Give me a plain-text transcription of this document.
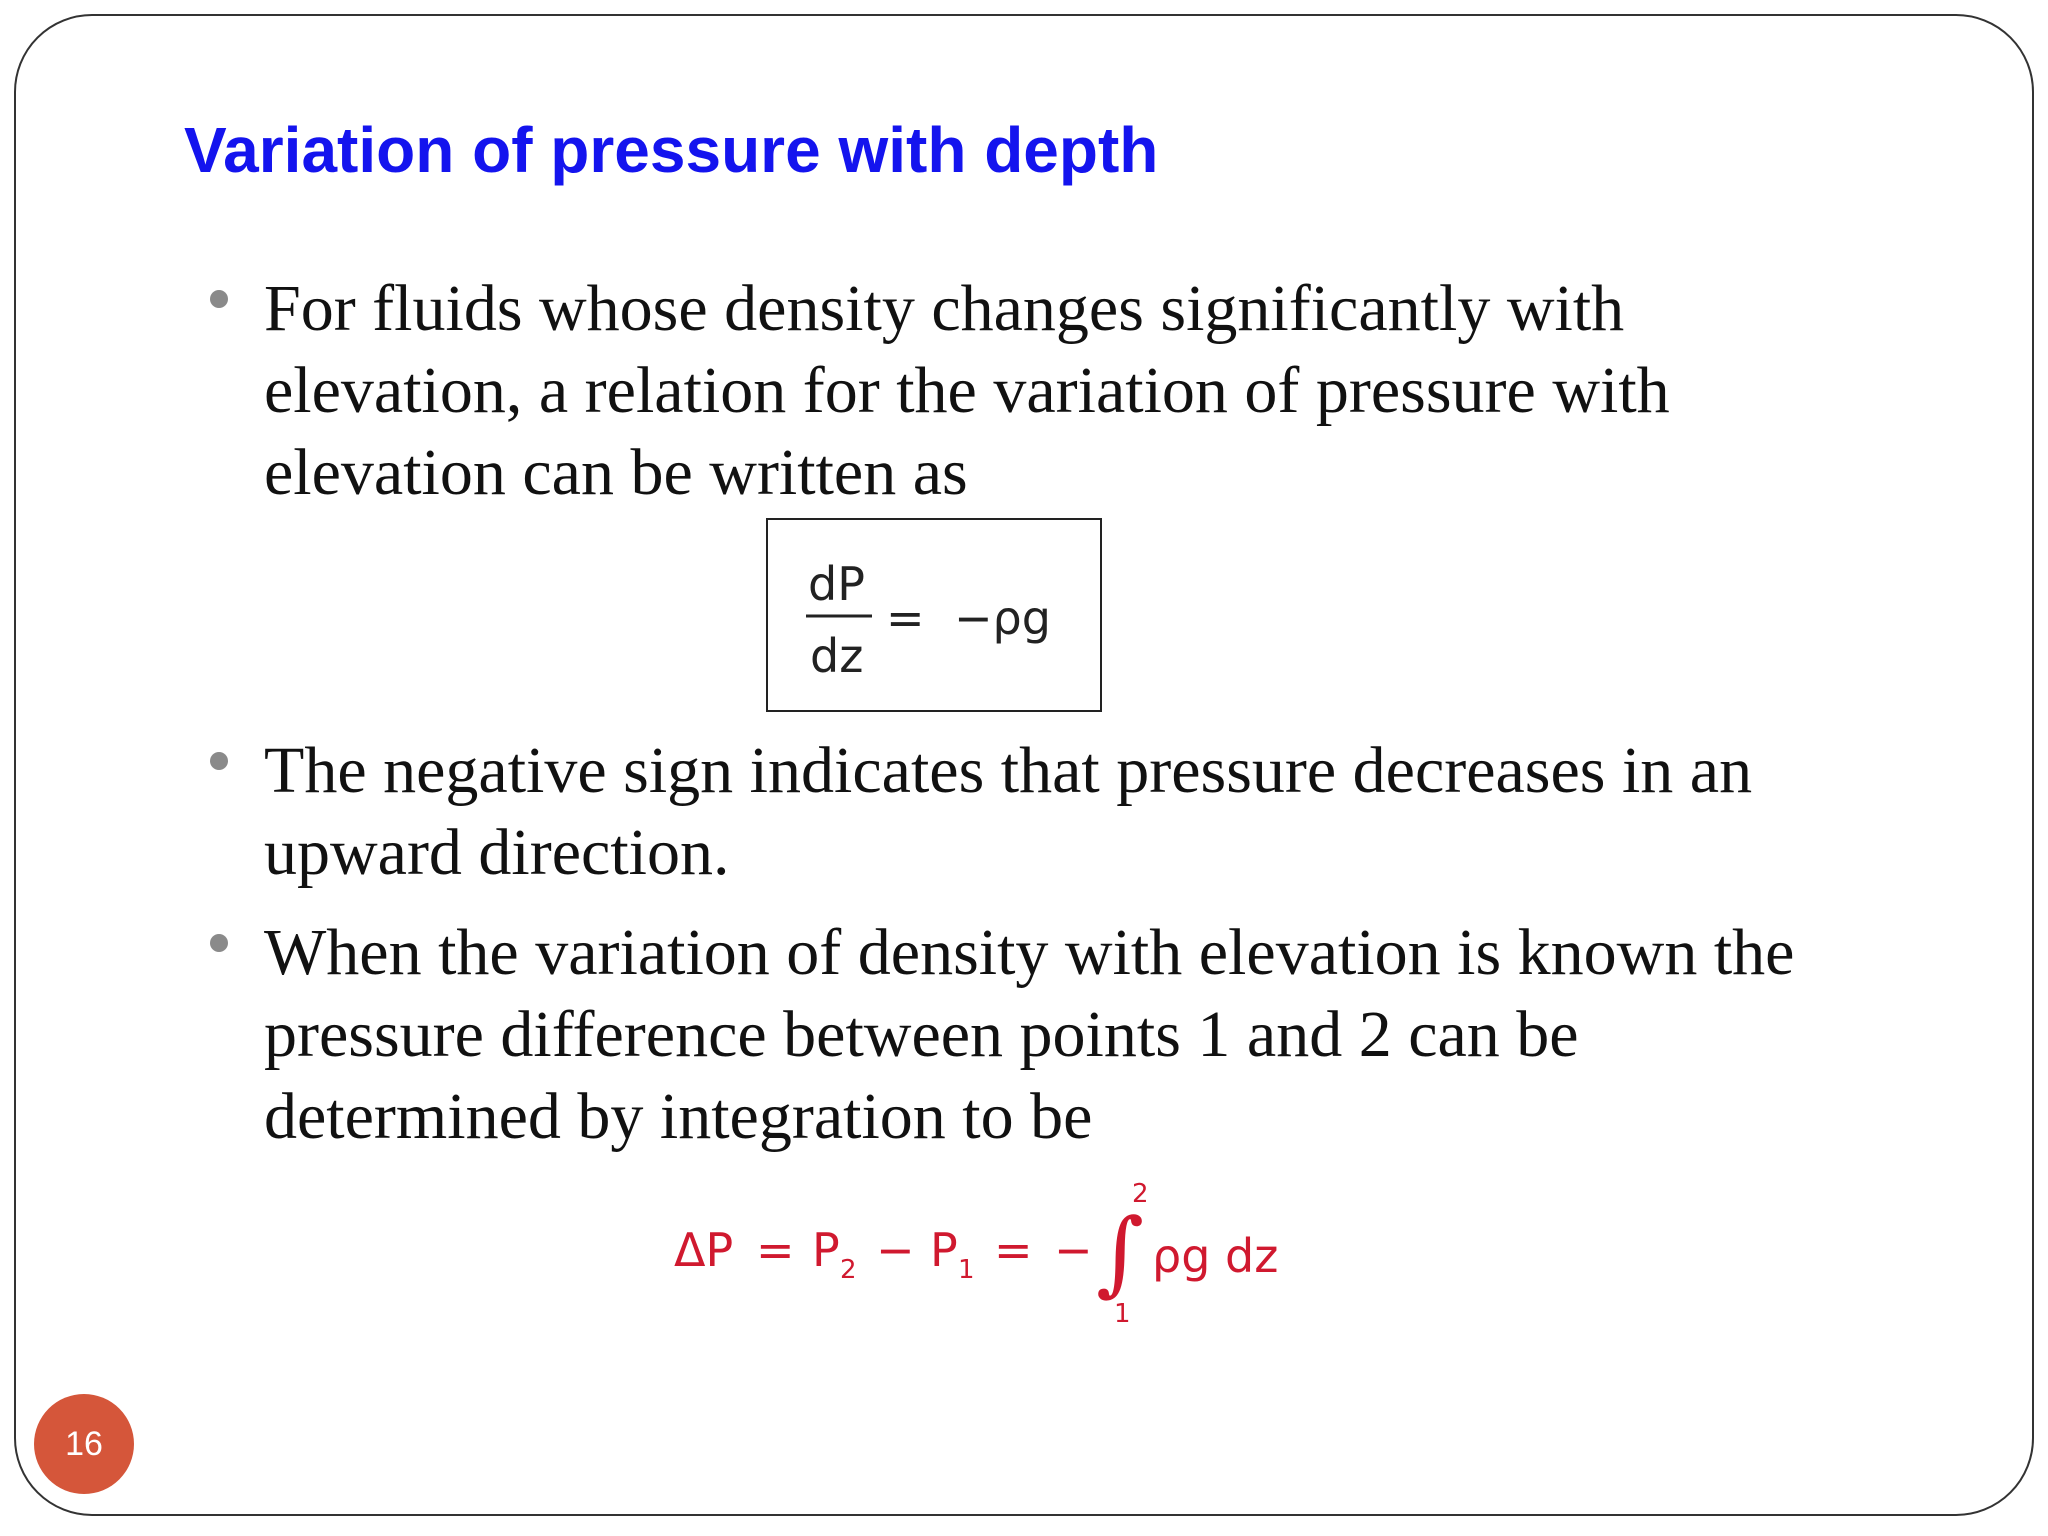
Variation of pressure with depth
For fluids whose density changes significantly with elevation, a relation for the variation of pressure with elevation can be written as
dP
dz
= −ρg
The negative sign indicates that pressure decreases in an upward direction.
When the variation of density with elevation is known the pressure difference between points 1 and 2 can be determined by integration to be
ΔP = P 2 − P 1 = − ∫
2
1
ρg dz
16
